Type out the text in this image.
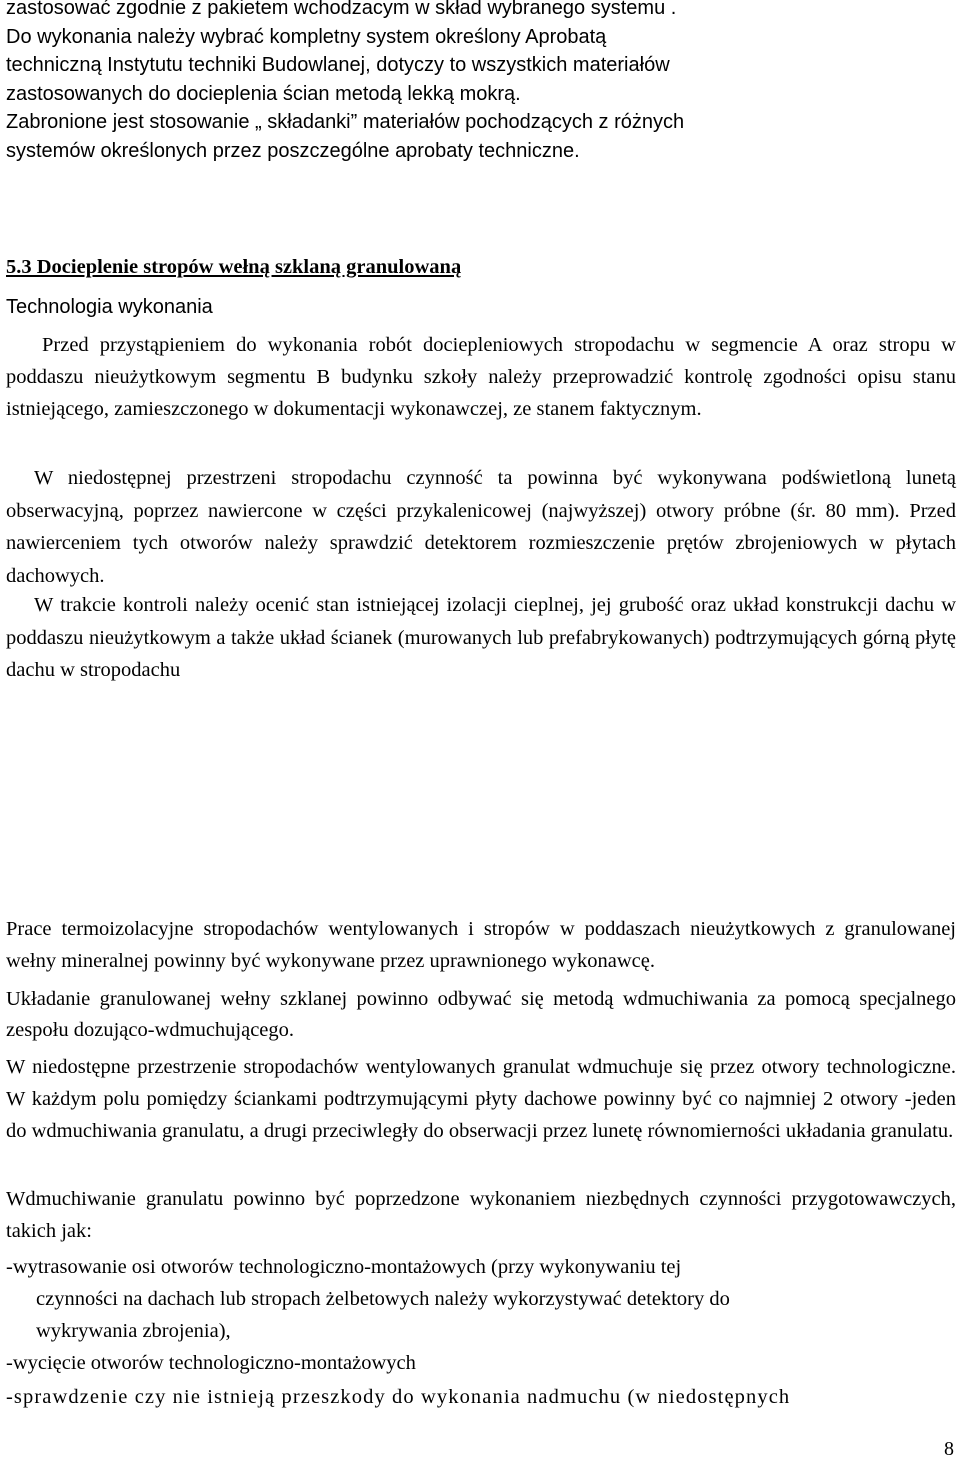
zastosować zgodnie z pakietem wchodzacym w skład wybranego systemu .
Do wykonania należy wybrać kompletny system określony Aprobatą
techniczną Instytutu techniki Budowlanej, dotyczy to wszystkich materiałów
zastosowanych do docieplenia ścian metodą lekką mokrą.
Zabronione jest stosowanie „ składanki” materiałów pochodzących z różnych
systemów określonych przez poszczególne aprobaty techniczne.
5.3 Docieplenie stropów wełną szklaną granulowaną
Technologia wykonania

Przed przystąpieniem do wykonania robót dociepleniowych stropodachu w segmencie A oraz stropu w poddaszu nieużytkowym segmentu B budynku szkoły należy przeprowadzić kontrolę zgodności opisu stanu istniejącego, zamieszczonego w dokumentacji wykonawczej, ze stanem faktycznym.

W niedostępnej przestrzeni stropodachu czynność ta powinna być wykonywana podświetloną lunetą obserwacyjną, poprzez nawiercone w części przykalenicowej (najwyższej) otwory próbne (śr. 80 mm). Przed nawierceniem tych otworów należy sprawdzić detektorem rozmieszczenie prętów zbrojeniowych w płytach dachowych.

W trakcie kontroli należy ocenić stan istniejącej izolacji cieplnej, jej grubość oraz układ konstrukcji dachu w poddaszu nieużytkowym a także układ ścianek (murowanych lub prefabrykowanych) podtrzymujących górną płytę dachu w stropodachu

Prace termoizolacyjne stropodachów wentylowanych i stropów w poddaszach nieużytkowych z granulowanej wełny mineralnej powinny być wykonywane przez uprawnionego wykonawcę.

Układanie granulowanej wełny szklanej powinno odbywać się metodą wdmuchiwania za pomocą specjalnego zespołu dozująco-wdmuchującego.

W niedostępne przestrzenie stropodachów wentylowanych granulat wdmuchuje się przez otwory technologiczne. W każdym polu pomiędzy ściankami podtrzymującymi płyty dachowe powinny być co najmniej 2 otwory -jeden do wdmuchiwania granulatu, a drugi przeciwległy do obserwacji przez lunetę równomierności układania granulatu.

Wdmuchiwanie granulatu powinno być poprzedzone wykonaniem niezbędnych czynności przygotowawczych, takich jak:

-wytrasowanie osi otworów technologiczno-montażowych (przy wykonywaniu tej
czynności na dachach lub stropach żelbetowych należy wykorzystywać detektory do
wykrywania zbrojenia),
-wycięcie otworów technologiczno-montażowych
-sprawdzenie czy nie istnieją przeszkody do wykonania nadmuchu (w niedostępnych
8
